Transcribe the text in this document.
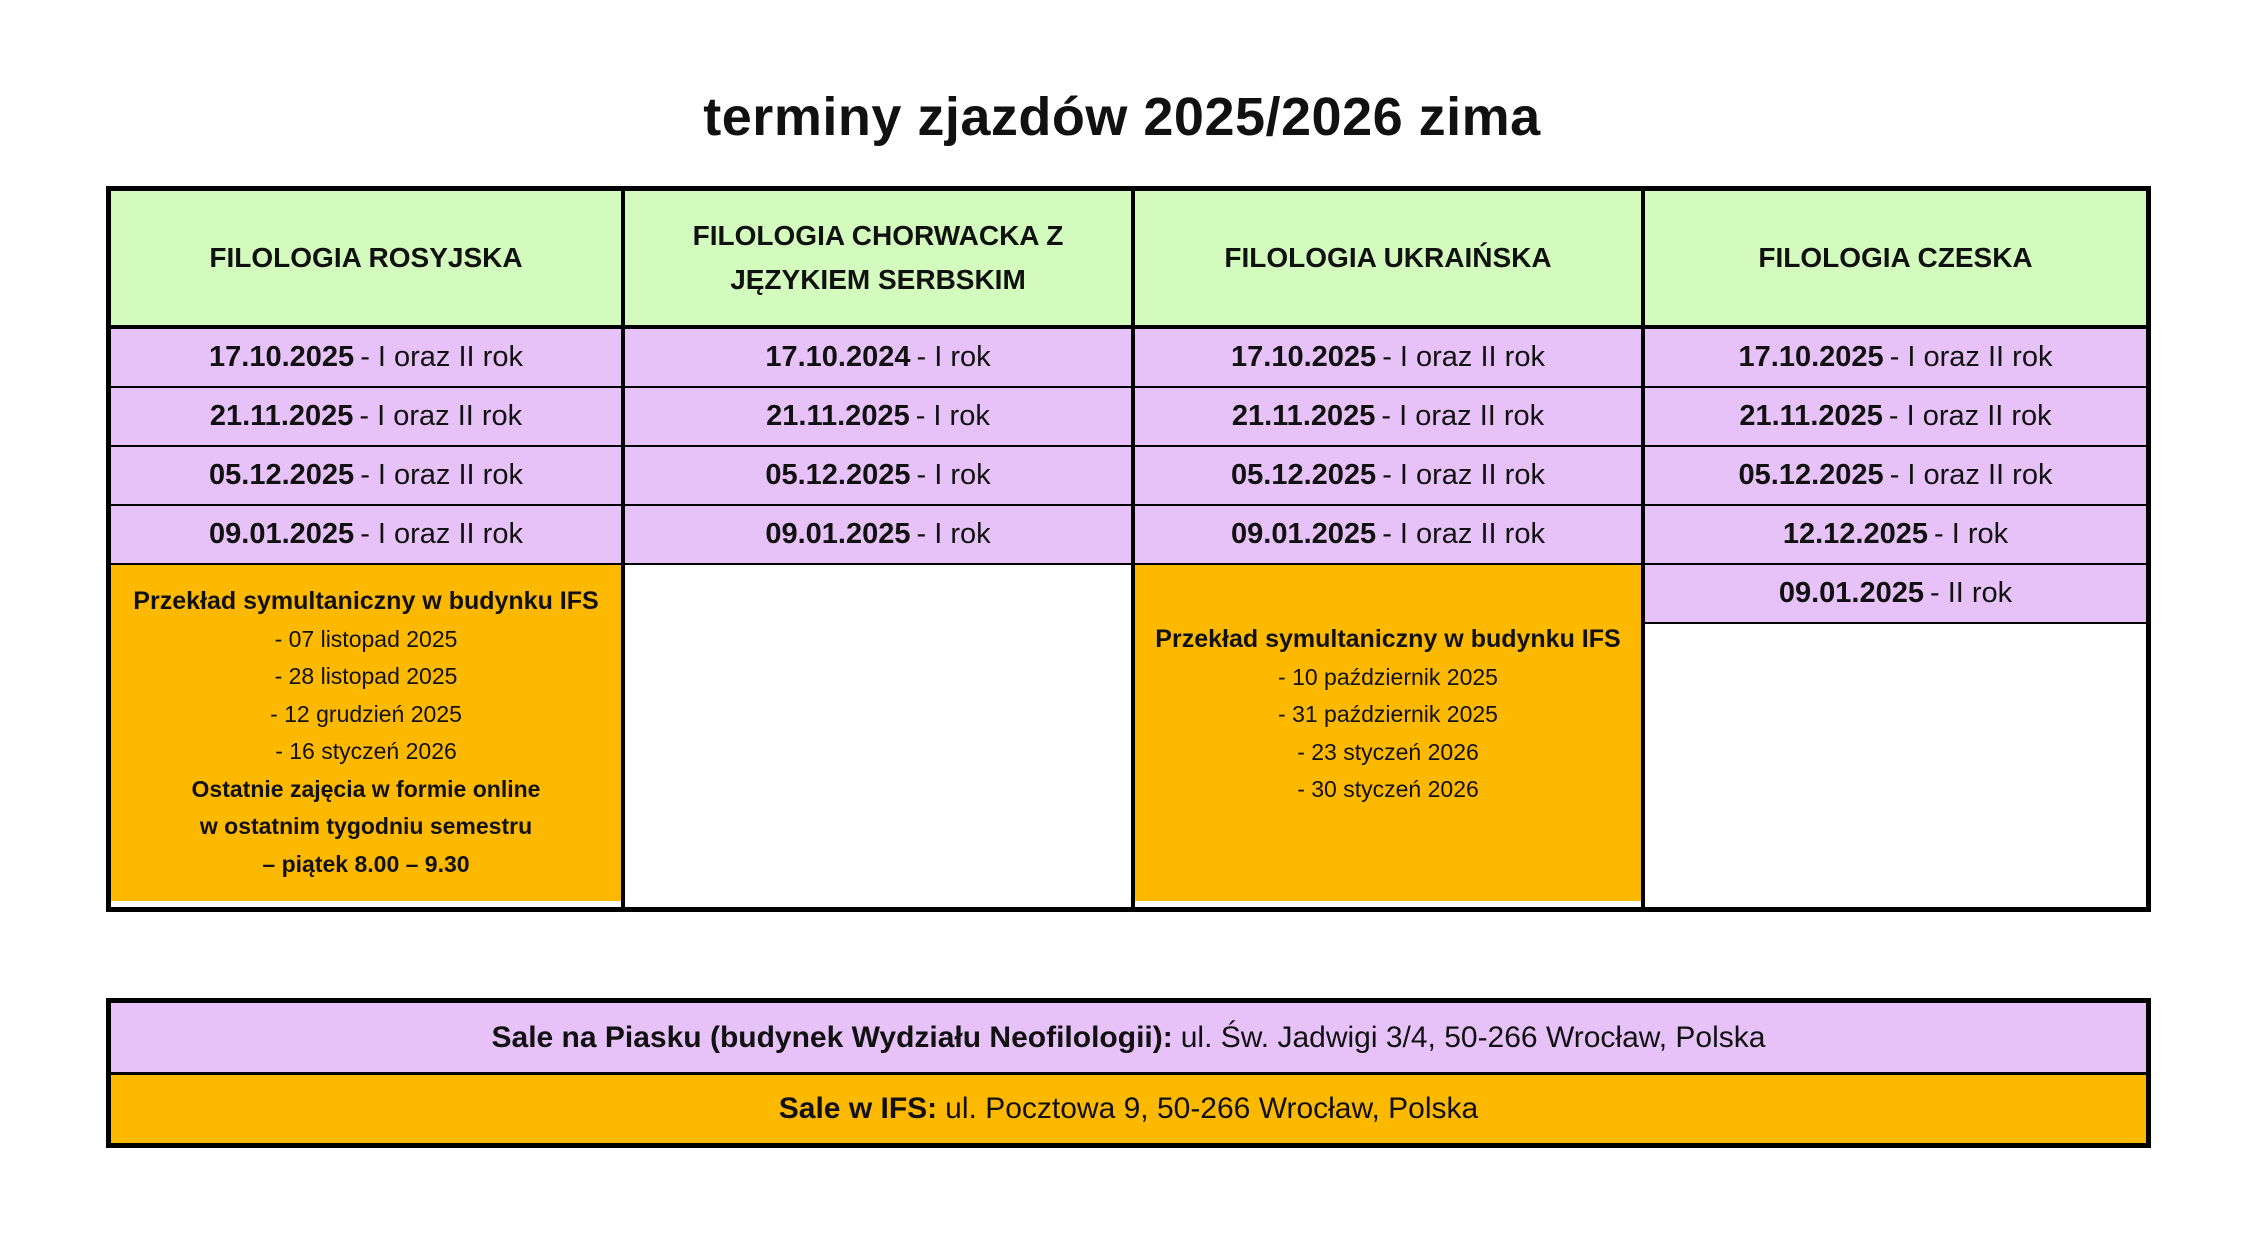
terminy zjazdów 2025/2026 zima
FILOLOGIA ROSYJSKA
17.10.2025 - I oraz II rok
21.11.2025 - I oraz II rok
05.12.2025 - I oraz II rok
09.01.2025 - I oraz II rok
Przekład symultaniczny w budynku IFS
- 07 listopad 2025
- 28 listopad 2025
- 12 grudzień 2025
- 16 styczeń 2026
Ostatnie zajęcia w formie online
w ostatnim tygodniu semestru
– piątek 8.00 – 9.30
FILOLOGIA CHORWACKA Z JĘZYKIEM SERBSKIM
17.10.2024 - I rok
21.11.2025 - I rok
05.12.2025 - I rok
09.01.2025 - I rok
FILOLOGIA UKRAIŃSKA
17.10.2025 - I oraz II rok
21.11.2025 - I oraz II rok
05.12.2025 - I oraz II rok
09.01.2025 - I oraz II rok
Przekład symultaniczny w budynku IFS
- 10 październik 2025
- 31 październik 2025
- 23 styczeń 2026
- 30 styczeń 2026
FILOLOGIA CZESKA
17.10.2025 - I oraz II rok
21.11.2025 - I oraz II rok
05.12.2025 - I oraz II rok
12.12.2025 - I rok
09.01.2025 - II rok
Sale na Piasku (budynek Wydziału Neofilologii): ul. Św. Jadwigi 3/4, 50-266 Wrocław, Polska
Sale w IFS: ul. Pocztowa 9, 50-266 Wrocław, Polska
